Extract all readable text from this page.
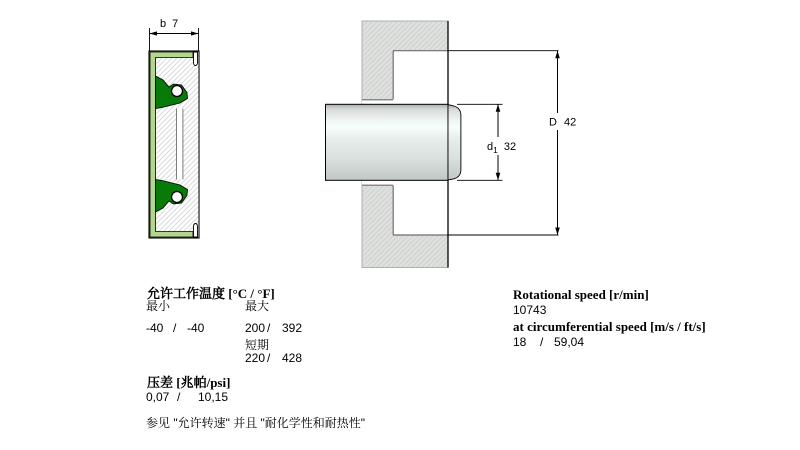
b 7
$d_1$ 32
D 42
允许工作温度 [°C / °F]
最小	最大
-40 / -40	200 / 392
短期
220 / 428
压差 [兆帕/psi]
0,07 /	10,15
参见 "允许转速" 并且 "耐化学性和耐热性"
Rotational speed [r/min]
10743
at circumferential speed [m/s / ft/s]
18	/ 59,04
